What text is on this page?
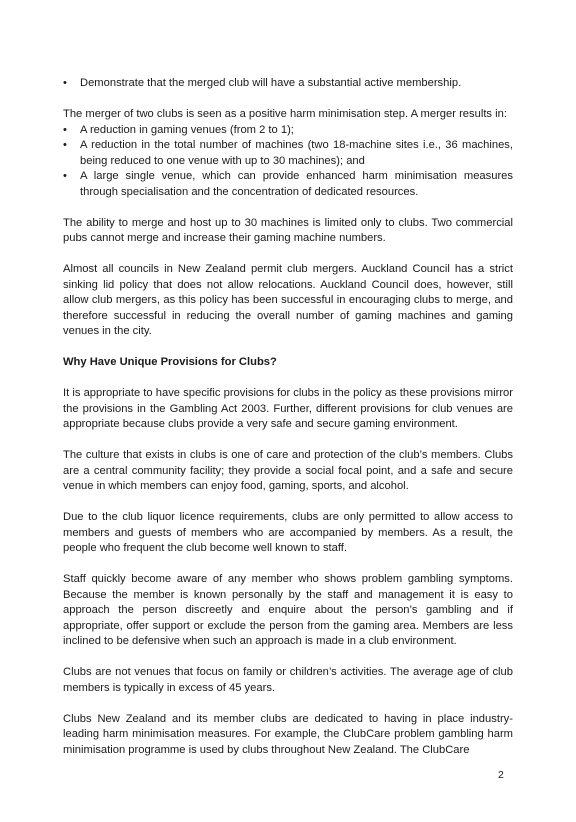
•	Demonstrate that the merged club will have a substantial active membership.

The merger of two clubs is seen as a positive harm minimisation step. A merger results in:

•	A reduction in gaming venues (from 2 to 1);
•	A reduction in the total number of machines (two 18-machine sites i.e., 36 machines, being reduced to one venue with up to 30 machines); and
•	A large single venue, which can provide enhanced harm minimisation measures through specialisation and the concentration of dedicated resources.

The ability to merge and host up to 30 machines is limited only to clubs. Two commercial pubs cannot merge and increase their gaming machine numbers.

Almost all councils in New Zealand permit club mergers. Auckland Council has a strict sinking lid policy that does not allow relocations. Auckland Council does, however, still allow club mergers, as this policy has been successful in encouraging clubs to merge, and therefore successful in reducing the overall number of gaming machines and gaming venues in the city.

Why Have Unique Provisions for Clubs?

It is appropriate to have specific provisions for clubs in the policy as these provisions mirror the provisions in the Gambling Act 2003. Further, different provisions for club venues are appropriate because clubs provide a very safe and secure gaming environment.

The culture that exists in clubs is one of care and protection of the club’s members. Clubs are a central community facility; they provide a social focal point, and a safe and secure venue in which members can enjoy food, gaming, sports, and alcohol.

Due to the club liquor licence requirements, clubs are only permitted to allow access to members and guests of members who are accompanied by members. As a result, the people who frequent the club become well known to staff.

Staff quickly become aware of any member who shows problem gambling symptoms. Because the member is known personally by the staff and management it is easy to approach the person discreetly and enquire about the person’s gambling and if appropriate, offer support or exclude the person from the gaming area. Members are less inclined to be defensive when such an approach is made in a club environment.

Clubs are not venues that focus on family or children’s activities. The average age of club members is typically in excess of 45 years.

Clubs New Zealand and its member clubs are dedicated to having in place industry-leading harm minimisation measures. For example, the ClubCare problem gambling harm minimisation programme is used by clubs throughout New Zealand. The ClubCare

2
